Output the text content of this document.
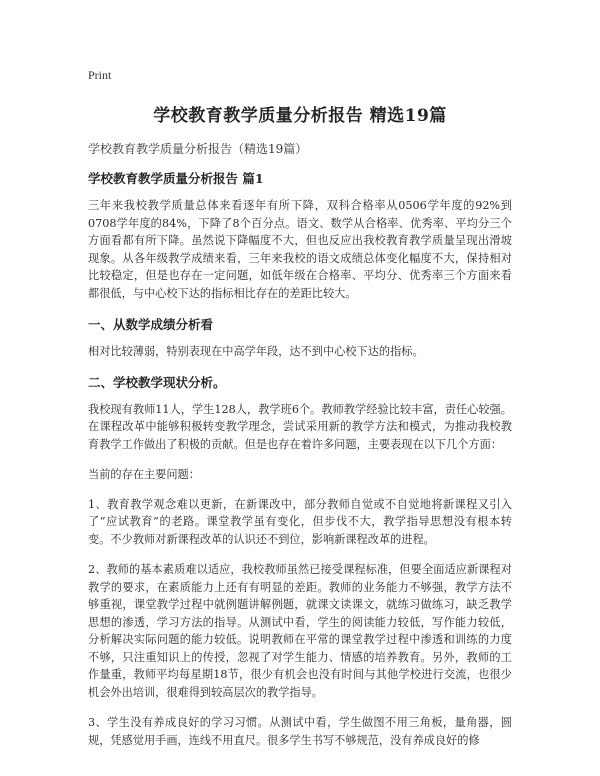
Print
学校教育教学质量分析报告 精选19篇
学校教育教学质量分析报告（精选19篇）
学校教育教学质量分析报告 篇1

三年来我校教学质量总体来看逐年有所下降，双科合格率从0506学年度的92%到0708学年度的84%，下降了8个百分点。语文、数学从合格率、优秀率、平均分三个方面看都有所下降。虽然说下降幅度不大，但也反应出我校教育教学质量呈现出滑坡现象。从各年级教学成绩来看，三年来我校的语文成绩总体变化幅度不大，保持相对比较稳定，但是也存在一定问题，如低年级在合格率、平均分、优秀率三个方面来看都很低，与中心校下达的指标相比存在的差距比较大。

一、从数学成绩分析看

相对比较薄弱，特别表现在中高学年段，达不到中心校下达的指标。

二、学校教学现状分析。

我校现有教师11人，学生128人，教学班6个。教师教学经验比较丰富，责任心较强。在课程改革中能够积极转变教学理念，尝试采用新的教学方法和模式，为推动我校教育教学工作做出了积极的贡献。但是也存在着许多问题，主要表现在以下几个方面：

当前的存在主要问题：

1、教育教学观念难以更新，在新课改中，部分教师自觉或不自觉地将新课程又引入了“应试教育”的老路。课堂教学虽有变化，但步伐不大，教学指导思想没有根本转变。不少教师对新课程改革的认识还不到位，影响新课程改革的进程。

2、教师的基本素质难以适应，我校教师虽然已接受课程标准，但要全面适应新课程对教学的要求，在素质能力上还有有明显的差距。教师的业务能力不够强，教学方法不够重视，课堂教学过程中就例题讲解例题，就课文读课文，就练习做练习，缺乏教学思想的渗透，学习方法的指导。从测试中看，学生的阅读能力较低，写作能力较低，分析解决实际问题的能力较低。说明教师在平常的课堂教学过程中渗透和训练的力度不够，只注重知识上的传授，忽视了对学生能力、情感的培养教育。另外，教师的工作量重，教师平均每星期18节，很少有机会也没有时间与其他学校进行交流，也很少机会外出培训，很难得到较高层次的教学指导。

3、学生没有养成良好的学习习惯。从测试中看，学生做图不用三角板，量角器，圆规，凭感觉用手画，连线不用直尺。很多学生书写不够规范，没有养成良好的修
